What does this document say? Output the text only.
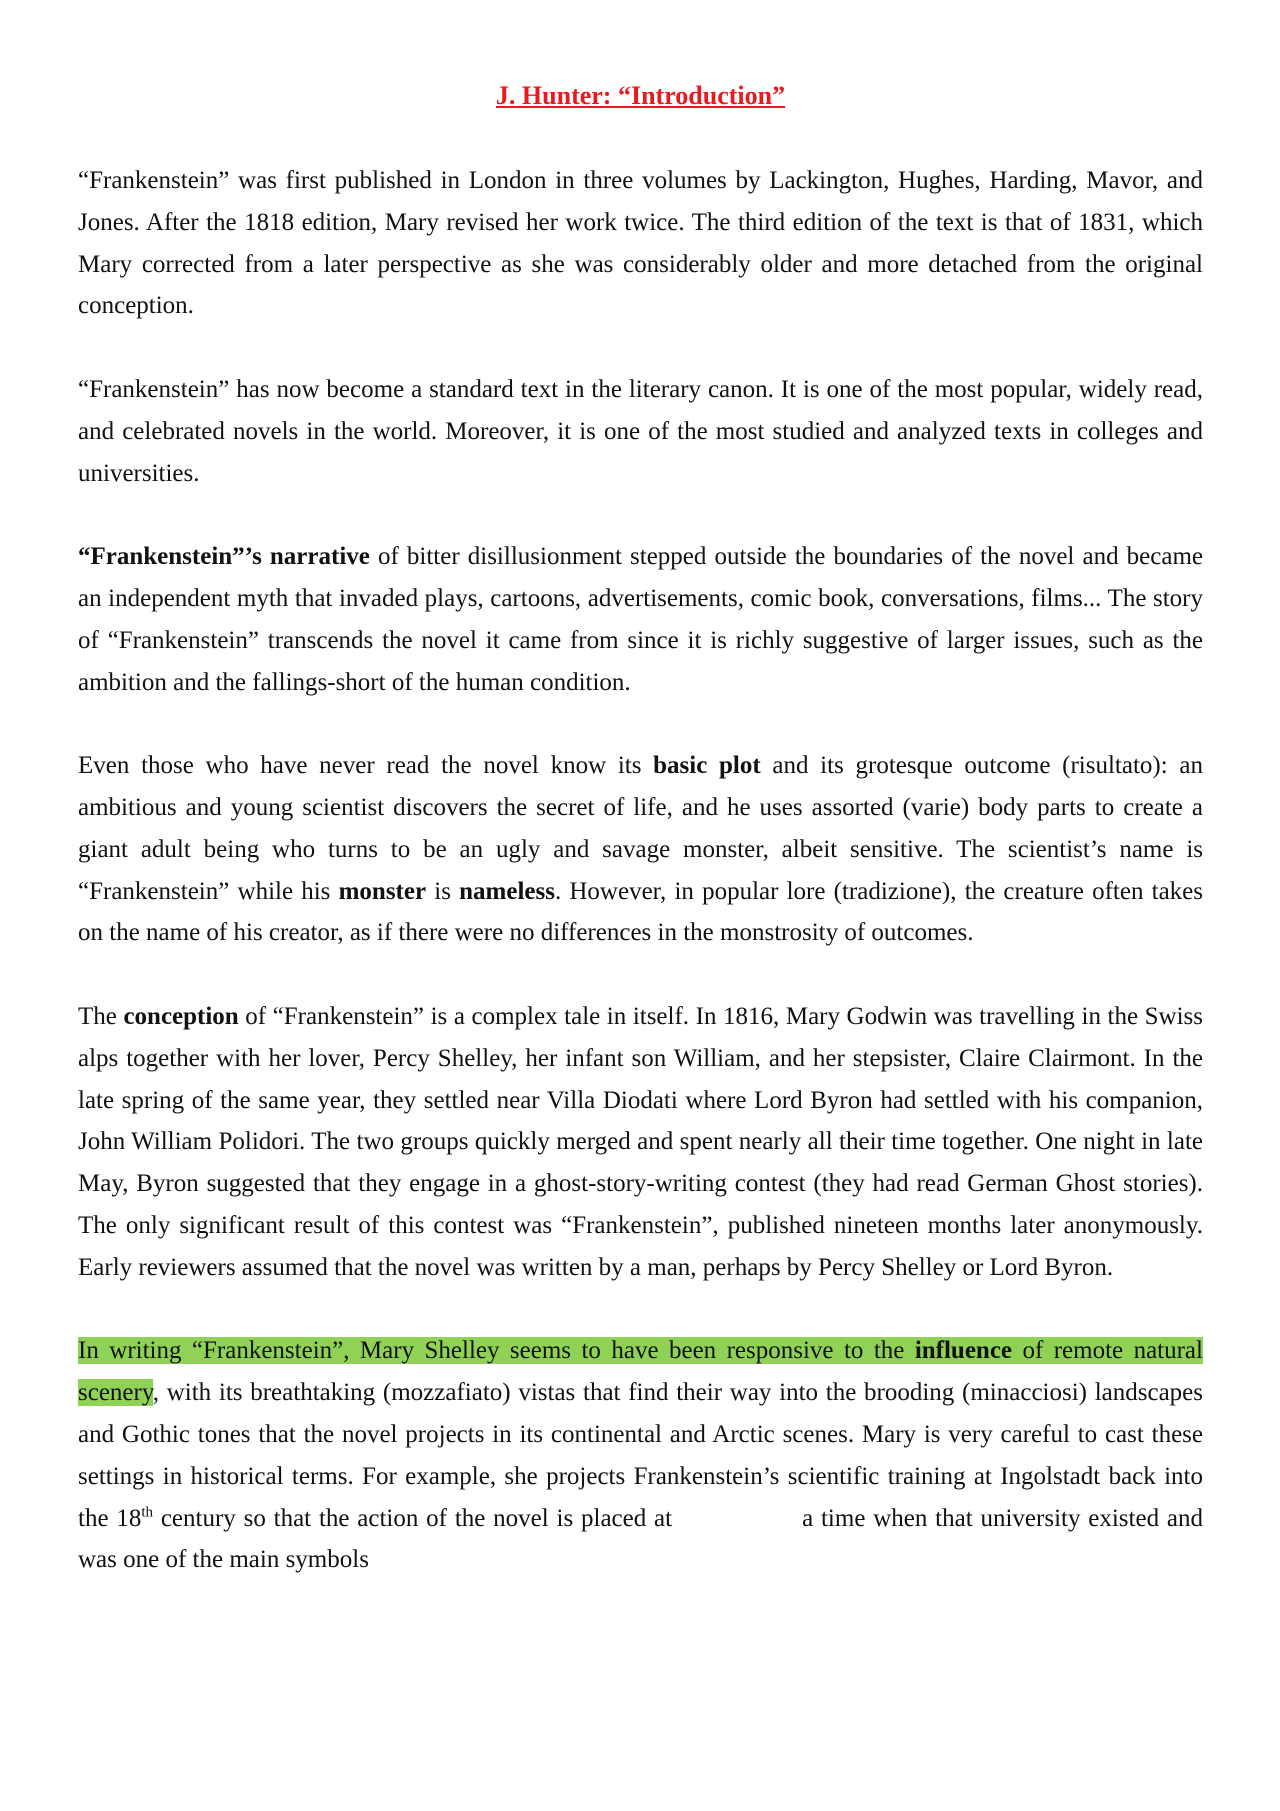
J. Hunter: “Introduction”

“Frankenstein” was first published in London in three volumes by Lackington, Hughes, Harding, Mavor, and Jones. After the 1818 edition, Mary revised her work twice. The third edition of the text is that of 1831, which Mary corrected from a later perspective as she was considerably older and more detached from the original conception.

“Frankenstein” has now become a standard text in the literary canon. It is one of the most popular, widely read, and celebrated novels in the world. Moreover, it is one of the most studied and analyzed texts in colleges and universities.

“Frankenstein”’s narrative of bitter disillusionment stepped outside the boundaries of the novel and became an independent myth that invaded plays, cartoons, advertisements, comic book, conversations, films... The story of “Frankenstein” transcends the novel it came from since it is richly suggestive of larger issues, such as the ambition and the fallings-short of the human condition.

Even those who have never read the novel know its basic plot and its grotesque outcome (risultato): an ambitious and young scientist discovers the secret of life, and he uses assorted (varie) body parts to create a giant adult being who turns to be an ugly and savage monster, albeit sensitive. The scientist’s name is “Frankenstein” while his monster is nameless. However, in popular lore (tradizione), the creature often takes on the name of his creator, as if there were no differences in the monstrosity of outcomes.

The conception of “Frankenstein” is a complex tale in itself. In 1816, Mary Godwin was travelling in the Swiss alps together with her lover, Percy Shelley, her infant son William, and her stepsister, Claire Clairmont. In the late spring of the same year, they settled near Villa Diodati where Lord Byron had settled with his companion, John William Polidori. The two groups quickly merged and spent nearly all their time together. One night in late May, Byron suggested that they engage in a ghost-story-writing contest (they had read German Ghost stories). The only significant result of this contest was “Frankenstein”, published nineteen months later anonymously. Early reviewers assumed that the novel was written by a man, perhaps by Percy Shelley or Lord Byron.

In writing “Frankenstein”, Mary Shelley seems to have been responsive to the influence of remote natural scenery, with its breathtaking (mozzafiato) vistas that find their way into the brooding (minacciosi) landscapes and Gothic tones that the novel projects in its continental and Arctic scenes. Mary is very careful to cast these settings in historical terms. For example, she projects Frankenstein’s scientific training at Ingolstadt back into the 18th century so that the action of the novel is placed at	a time when that university existed and was one of the main symbols
